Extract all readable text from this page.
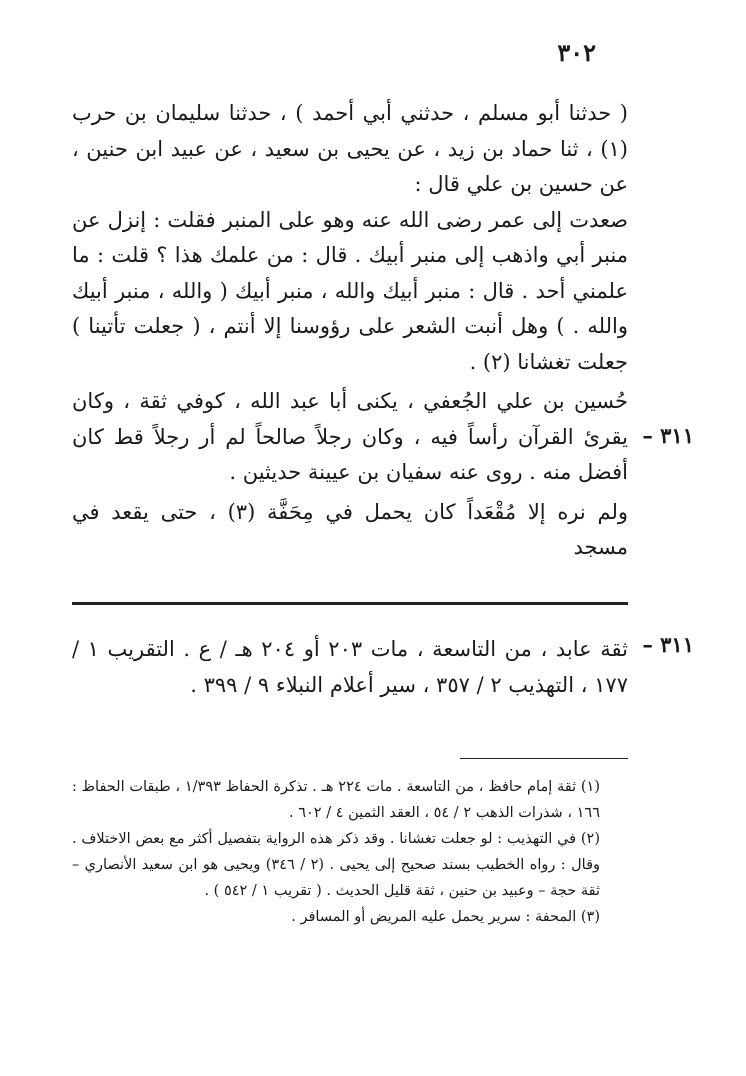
٣٠٢

( حدثنا أبو مسلم ، حدثني أبي أحمد ) ، حدثنا سليمان بن حرب (١) ، ثنا حماد بن زيد ، عن يحيى بن سعيد ، عن عبيد ابن حنين ، عن حسين بن علي قال :

صعدت إلى عمر رضى الله عنه وهو على المنبر فقلت : إنزل عن منبر أبي واذهب إلى منبر أبيك . قال : من علمك هذا ؟ قلت : ما علمني أحد . قال : منبر أبيك والله ، منبر أبيك ( والله ، منبر أبيك والله . ) وهل أنبت الشعر على رؤوسنا إلا أنتم ، ( جعلت تأتينا ) جعلت تغشانا (٢) .

حُسين بن علي الجُعفي ، يكنى أبا عبد الله ، كوفي ثقة ، وكان يقرئ القرآن رأساً فيه ، وكان رجلاً صالحاً لم أر رجلاً قط كان أفضل منه . روى عنه سفيان بن عيينة حديثين .

ولم نره إلا مُقْعَداً كان يحمل في مِحَفَّة (٣) ، حتى يقعد في مسجد

٣١١ –
٣١١ –

ثقة عابد ، من التاسعة ، مات ٢٠٣ أو ٢٠٤ هـ / ع . التقريب ١ / ١٧٧ ، التهذيب ٢ / ٣٥٧ ، سير أعلام النبلاء ٩ / ٣٩٩ .

(١) ثقة إمام حافظ ، من التاسعة . مات ٢٢٤ هـ . تذكرة الحفاظ ١/٣٩٣ ، طبقات الحفاظ : ١٦٦ ، شذرات الذهب ٢ / ٥٤ ، العقد الثمين ٤ / ٦٠٢ .

(٢) في التهذيب : لو جعلت تغشانا . وقد ذكر هذه الرواية بتفصيل أكثر مع بعض الاختلاف . وقال : رواه الخطيب بسند صحيح إلى يحيى . (٢ / ٣٤٦) ويحيى هو ابن سعيد الأنصاري – ثقة حجة – وعبيد بن حنين ، ثقة قليل الحديث . ( تقريب ١ / ٥٤٢ ) .

(٣) المحفة : سرير يحمل عليه المريض أو المسافر .
